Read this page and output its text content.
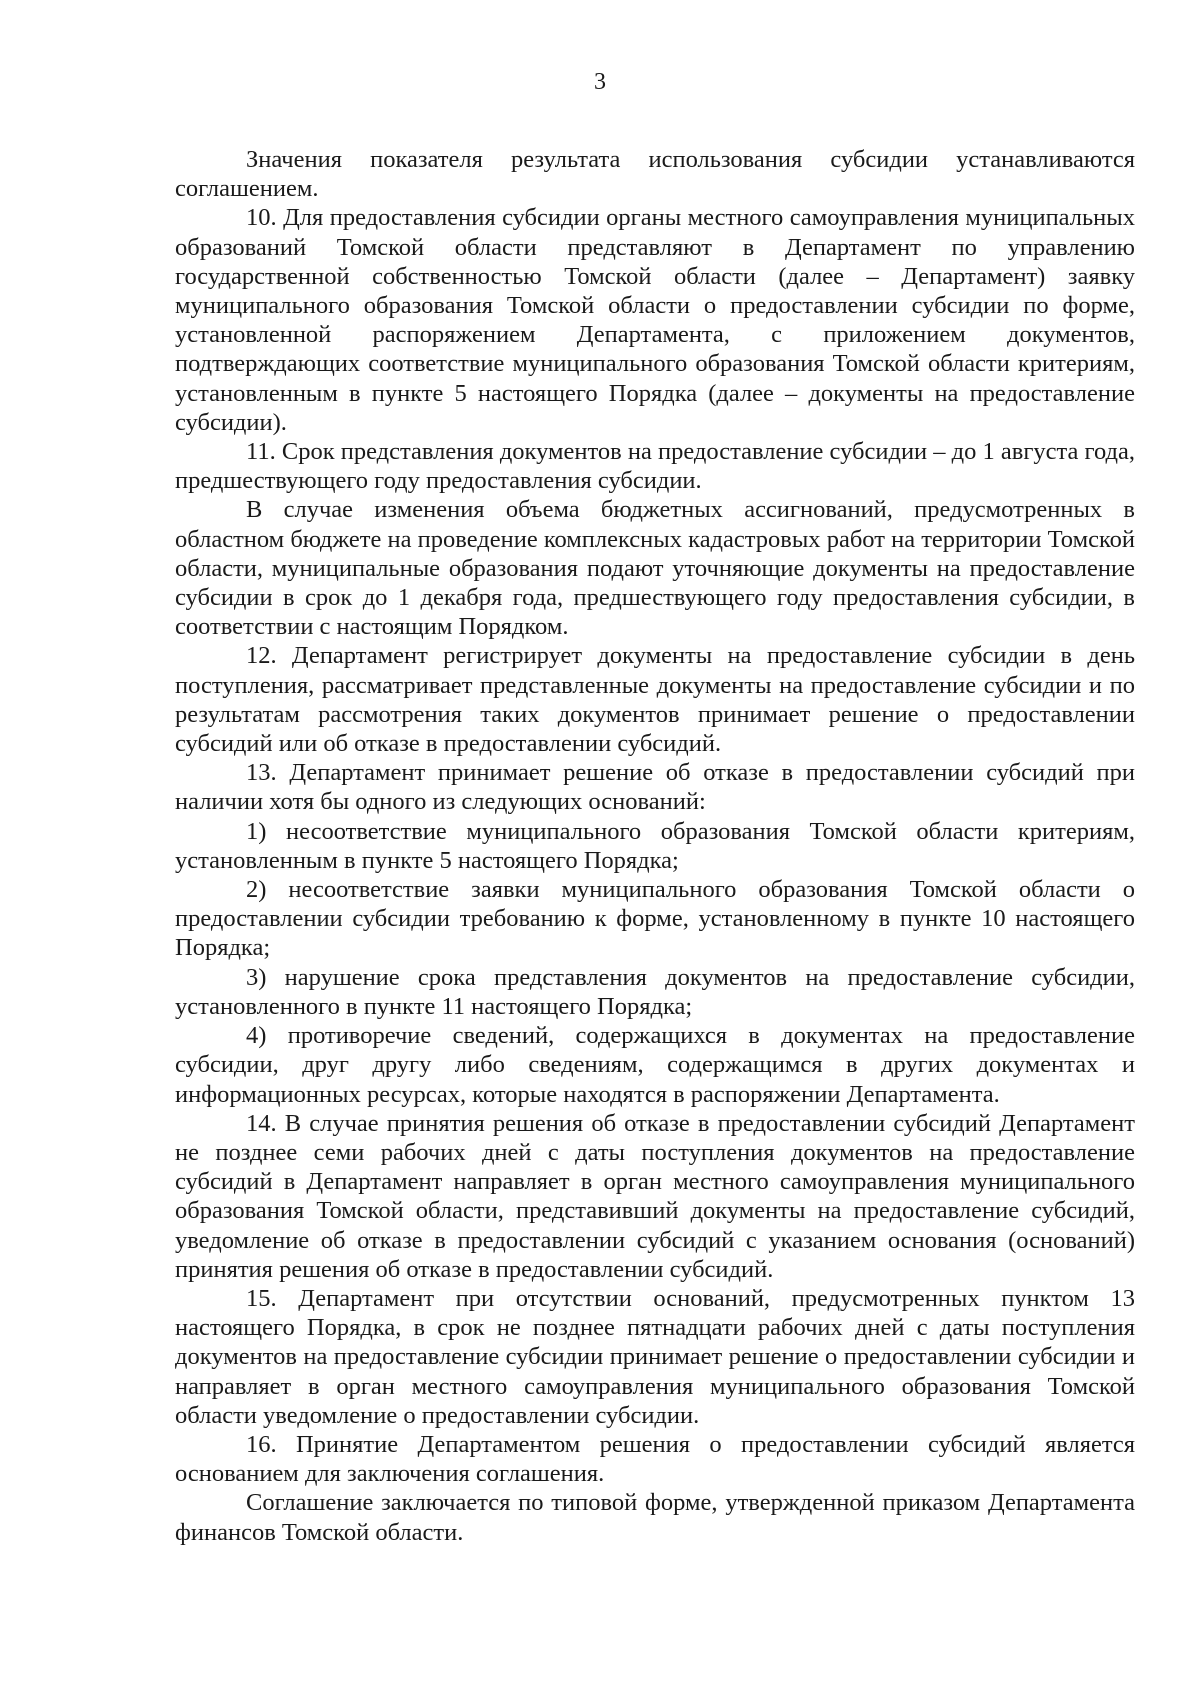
3

Значения показателя результата использования субсидии устанавливаются соглашением.

10. Для предоставления субсидии органы местного самоуправления муниципальных образований Томской области представляют в Департамент по управлению государственной собственностью Томской области (далее – Департамент) заявку муниципального образования Томской области о предоставлении субсидии по форме, установленной распоряжением Департамента, с приложением документов, подтверждающих соответствие муниципального образования Томской области критериям, установленным в пункте 5 настоящего Порядка (далее – документы на предоставление субсидии).

11. Срок представления документов на предоставление субсидии – до 1 августа года, предшествующего году предоставления субсидии.

В случае изменения объема бюджетных ассигнований, предусмотренных в областном бюджете на проведение комплексных кадастровых работ на территории Томской области, муниципальные образования подают уточняющие документы на предоставление субсидии в срок до 1 декабря года, предшествующего году предоставления субсидии, в соответствии с настоящим Порядком.

12. Департамент регистрирует документы на предоставление субсидии в день поступления, рассматривает представленные документы на предоставление субсидии и по результатам рассмотрения таких документов принимает решение о предоставлении субсидий или об отказе в предоставлении субсидий.

13. Департамент принимает решение об отказе в предоставлении субсидий при наличии хотя бы одного из следующих оснований:

1) несоответствие муниципального образования Томской области критериям, установленным в пункте 5 настоящего Порядка;

2) несоответствие заявки муниципального образования Томской области о предоставлении субсидии требованию к форме, установленному в пункте 10 настоящего Порядка;

3) нарушение срока представления документов на предоставление субсидии, установленного в пункте 11 настоящего Порядка;

4) противоречие сведений, содержащихся в документах на предоставление субсидии, друг другу либо сведениям, содержащимся в других документах и информационных ресурсах, которые находятся в распоряжении Департамента.

14. В случае принятия решения об отказе в предоставлении субсидий Департамент не позднее семи рабочих дней с даты поступления документов на предоставление субсидий в Департамент направляет в орган местного самоуправления муниципального образования Томской области, представивший документы на предоставление субсидий, уведомление об отказе в предоставлении субсидий с указанием основания (оснований) принятия решения об отказе в предоставлении субсидий.

15. Департамент при отсутствии оснований, предусмотренных пунктом 13 настоящего Порядка, в срок не позднее пятнадцати рабочих дней с даты поступления документов на предоставление субсидии принимает решение о предоставлении субсидии и направляет в орган местного самоуправления муниципального образования Томской области уведомление о предоставлении субсидии.

16. Принятие Департаментом решения о предоставлении субсидий является основанием для заключения соглашения.

Соглашение заключается по типовой форме, утвержденной приказом Департамента финансов Томской области.
